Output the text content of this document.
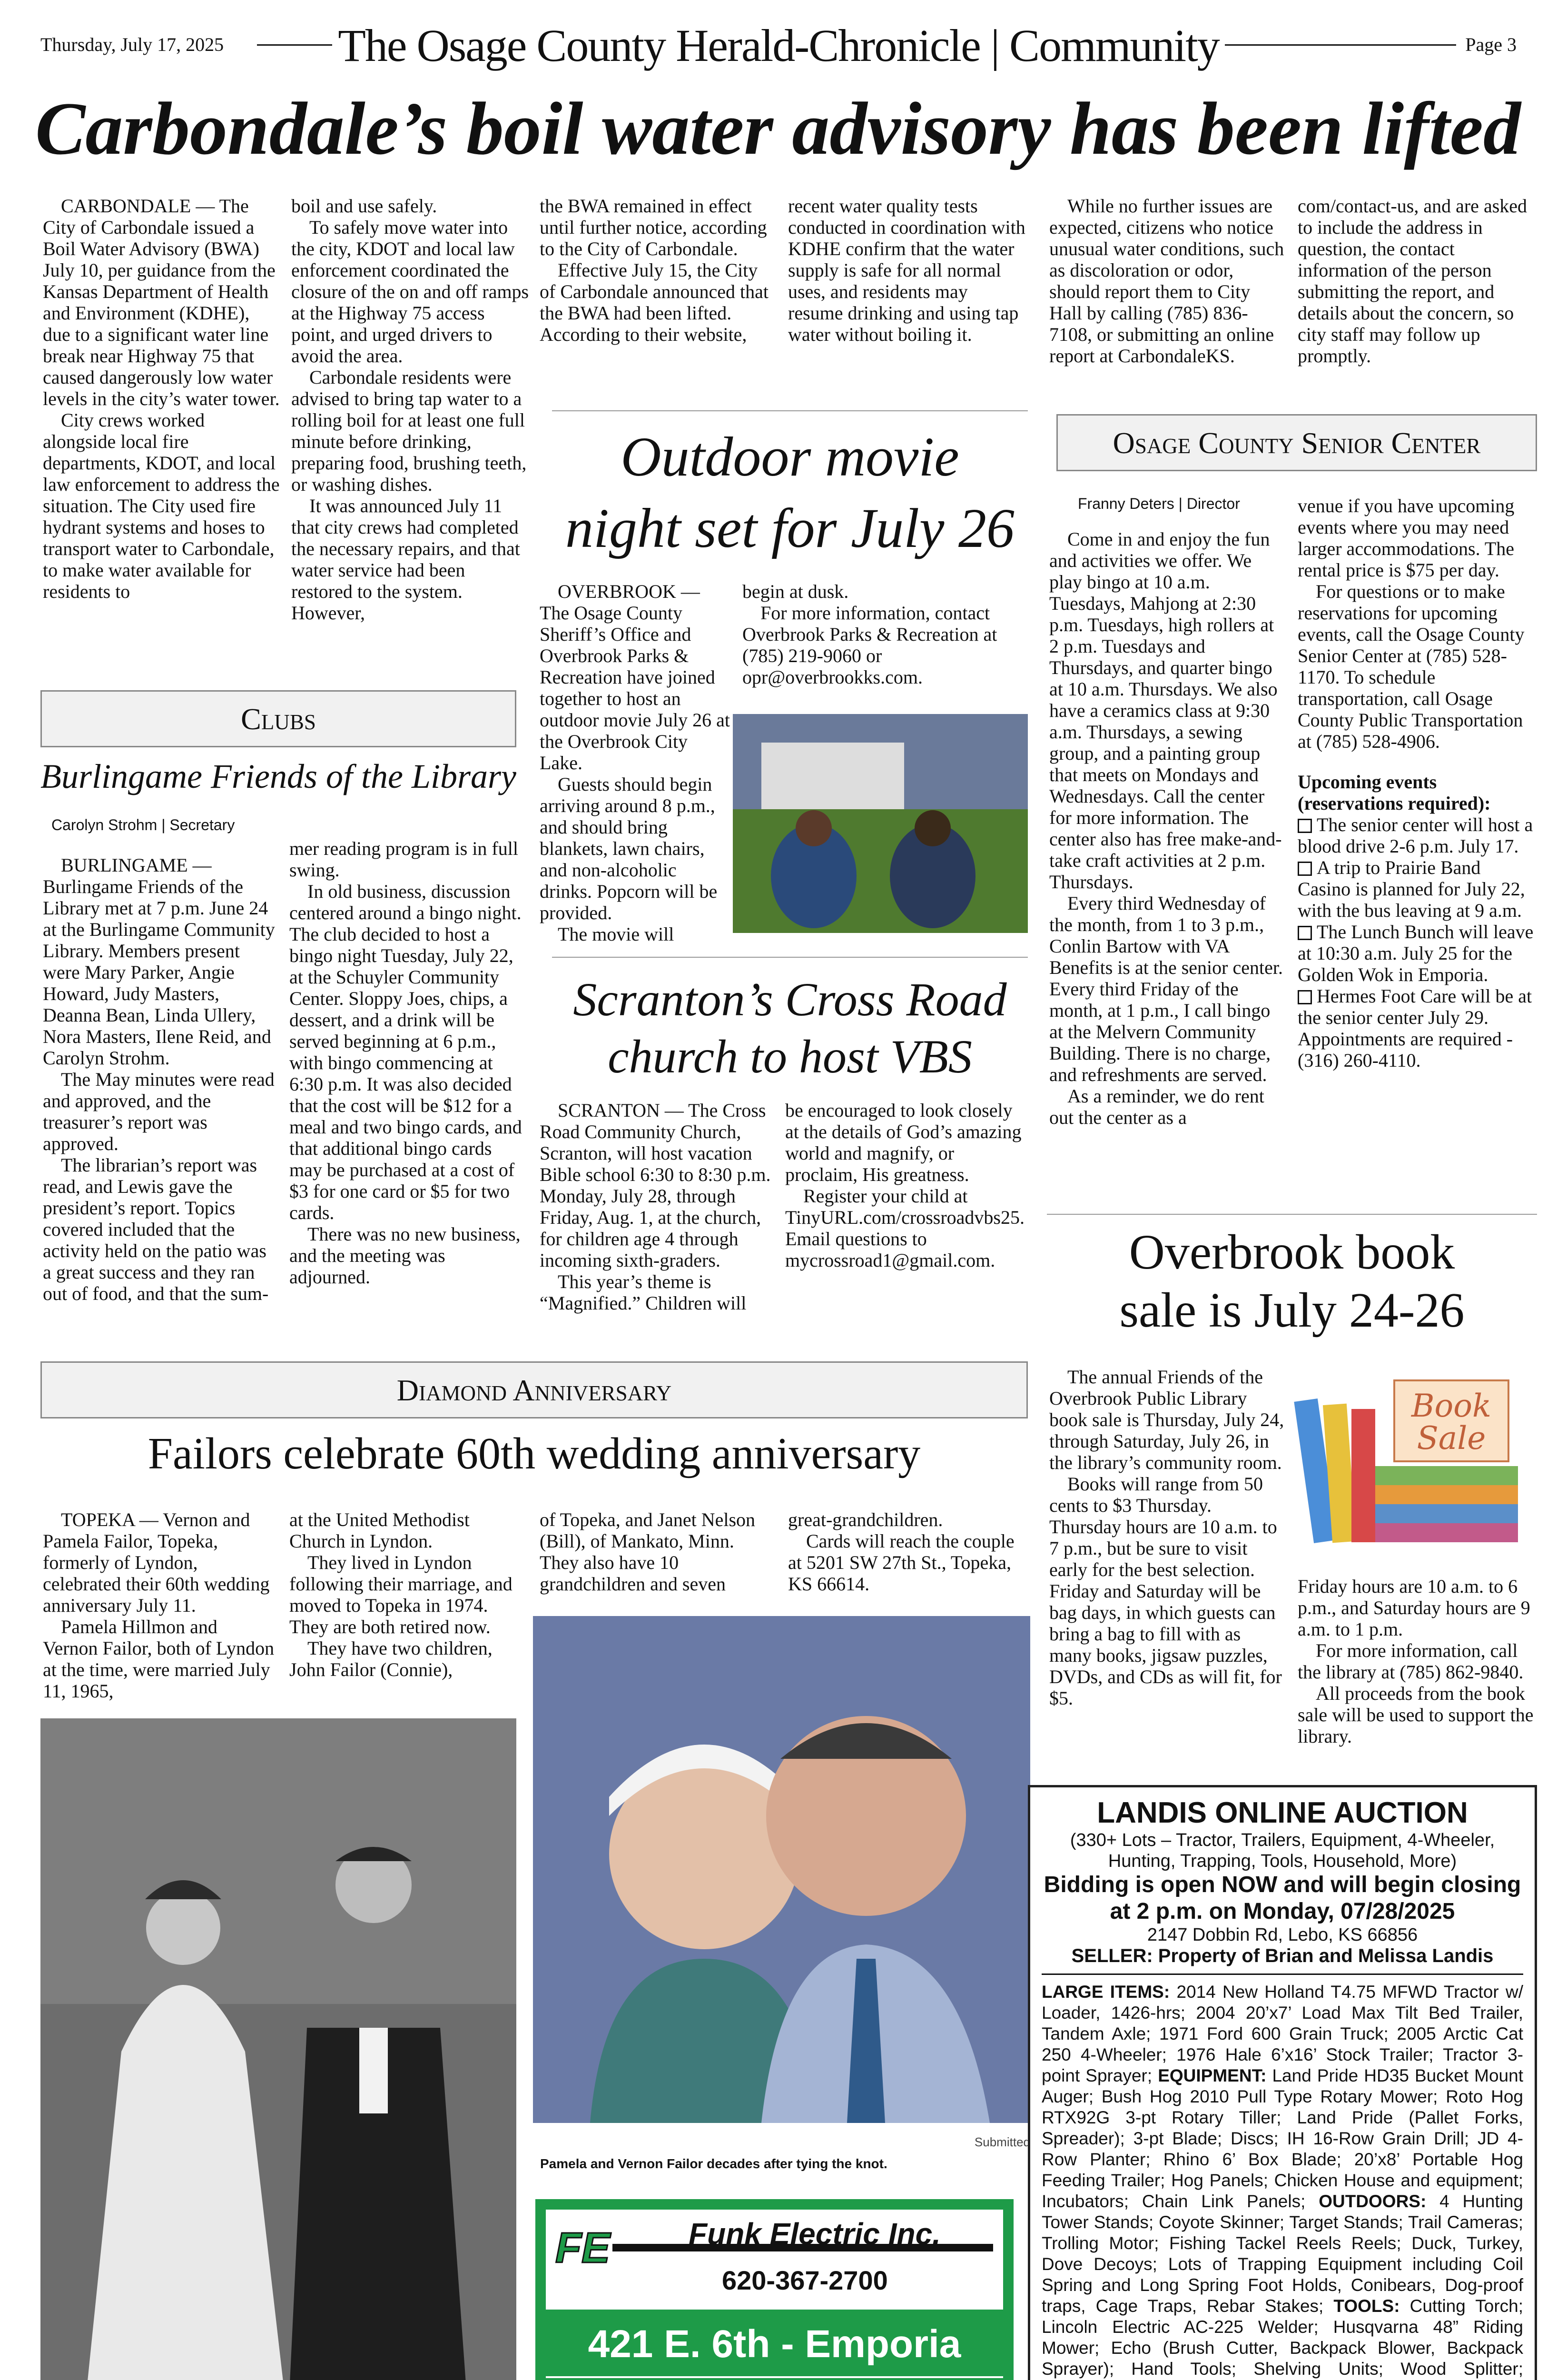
Thursday, July 17, 2025	Page 3
The Osage County Herald-Chronicle | Community
Carbondale’s boil water advisory has been lifted

CARBONDALE — The City of Carbondale issued a Boil Water Advisory (BWA) July 10, per guidance from the Kansas Department of Health and Environment (KDHE), due to a significant water line break near Highway 75 that caused dangerously low water levels in the city’s water tower.

City crews worked alongside local fire departments, KDOT, and local law enforcement to address the situation. The City used fire hydrant systems and hoses to transport water to Carbondale, to make water available for residents to

boil and use safely.

To safely move water into the city, KDOT and local law enforcement coordinated the closure of the on and off ramps at the Highway 75 access point, and urged drivers to avoid the area.

Carbondale residents were advised to bring tap water to a rolling boil for at least one full minute before drinking, preparing food, brushing teeth, or washing dishes.

It was announced July 11 that city crews had completed the necessary repairs, and that water service had been restored to the system. However,

the BWA remained in effect until further notice, according to the City of Carbondale.

Effective July 15, the City of Carbondale announced that the BWA had been lifted. According to their website,

recent water quality tests conducted in coordination with KDHE confirm that the water supply is safe for all normal uses, and residents may resume drinking and using tap water without boiling it.

While no further issues are expected, citizens who notice unusual water conditions, such as discoloration or odor, should report them to City Hall by calling (785) 836-7108, or submitting an online report at CarbondaleKS.

com/contact-us, and are asked to include the address in question, the contact information of the person submitting the report, and details about the concern, so city staff may follow up promptly.

Outdoor movie
night set for July 26

OVERBROOK — The Osage County Sheriff’s Office and Overbrook Parks & Recreation have joined together to host an outdoor movie July 26 at the Overbrook City Lake.

Guests should begin arriving around 8 p.m., and should bring blankets, lawn chairs, and non-alcoholic drinks. Popcorn will be provided.

The movie will

begin at dusk.

For more information, contact Overbrook Parks & Recreation at (785) 219-9060 or opr@overbrookks.com.

Scranton’s Cross Road
church to host VBS

SCRANTON — The Cross Road Community Church, Scranton, will host vacation Bible school 6:30 to 8:30 p.m. Monday, July 28, through Friday, Aug. 1, at the church, for children age 4 through incoming sixth-graders.

This year’s theme is “Magnified.” Children will

be encouraged to look closely at the details of God’s amazing world and magnify, or proclaim, His greatness.

Register your child at TinyURL.com/crossroadvbs25. Email questions to mycrossroad1@gmail.com.

Clubs
Burlingame Friends of the Library
Carolyn Strohm | Secretary

BURLINGAME — Burlingame Friends of the Library met at 7 p.m. June 24 at the Burlingame Community Library. Members present were Mary Parker, Angie Howard, Judy Masters, Deanna Bean, Linda Ullery, Nora Masters, Ilene Reid, and Carolyn Strohm.

The May minutes were read and approved, and the treasurer’s report was approved.

The librarian’s report was read, and Lewis gave the president’s report. Topics covered included that the activity held on the patio was a great success and they ran out of food, and that the sum-

mer reading program is in full swing.

In old business, discussion centered around a bingo night. The club decided to host a bingo night Tuesday, July 22, at the Schuyler Community Center. Sloppy Joes, chips, a dessert, and a drink will be served beginning at 6 p.m., with bingo commencing at 6:30 p.m. It was also decided that the cost will be $12 for a meal and two bingo cards, and that additional bingo cards may be purchased at a cost of $3 for one card or $5 for two cards.

There was no new business, and the meeting was adjourned.

Osage County Senior Center
Franny Deters | Director

Come in and enjoy the fun and activities we offer. We play bingo at 10 a.m. Tuesdays, Mahjong at 2:30 p.m. Tuesdays, high rollers at 2 p.m. Tuesdays and Thursdays, and quarter bingo at 10 a.m. Thursdays. We also have a ceramics class at 9:30 a.m. Thursdays, a sewing group, and a painting group that meets on Mondays and Wednesdays. Call the center for more information. The center also has free make-and-take craft activities at 2 p.m. Thursdays.

Every third Wednesday of the month, from 1 to 3 p.m., Conlin Bartow with VA Benefits is at the senior center. Every third Friday of the month, at 1 p.m., I call bingo at the Melvern Community Building. There is no charge, and refreshments are served.

As a reminder, we do rent out the center as a

venue if you have upcoming events where you may need larger accommodations. The rental price is $75 per day.

For questions or to make reservations for upcoming events, call the Osage County Senior Center at (785) 528-1170. To schedule transportation, call Osage County Public Transportation at (785) 528-4906.

Upcoming events (reservations required):

The senior center will host a blood drive 2-6 p.m. July 17.

A trip to Prairie Band Casino is planned for July 22, with the bus leaving at 9 a.m.

The Lunch Bunch will leave at 10:30 a.m. July 25 for the Golden Wok in Emporia.

Hermes Foot Care will be at the senior center July 29. Appointments are required - (316) 260-4110.

Overbrook book
sale is July 24-26

The annual Friends of the Overbrook Public Library book sale is Thursday, July 24, through Saturday, July 26, in the library’s community room.

Books will range from 50 cents to $3 Thursday. Thursday hours are 10 a.m. to 7 p.m., but be sure to visit early for the best selection. Friday and Saturday will be bag days, in which guests can bring a bag to fill with as many books, jigsaw puzzles, DVDs, and CDs as will fit, for $5.

Book
Sale

Friday hours are 10 a.m. to 6 p.m., and Saturday hours are 9 a.m. to 1 p.m.

For more information, call the library at (785) 862-9840.

All proceeds from the book sale will be used to support the library.

Diamond Anniversary
Failors celebrate 60th wedding anniversary

TOPEKA — Vernon and Pamela Failor, Topeka, formerly of Lyndon, celebrated their 60th wedding anniversary July 11.

Pamela Hillmon and Vernon Failor, both of Lyndon at the time, were married July 11, 1965,

at the United Methodist Church in Lyndon.

They lived in Lyndon following their marriage, and moved to Topeka in 1974. They are both retired now.

They have two children, John Failor (Connie),

of Topeka, and Janet Nelson (Bill), of Mankato, Minn. They also have 10 grandchildren and seven

great-grandchildren.

Cards will reach the couple at 5201 SW 27th St., Topeka, KS 66614.

Submitted
Pamela and Vernon Failor decades after tying the knot.
LANDIS ONLINE AUCTION
(330+ Lots – Tractor, Trailers, Equipment, 4-Wheeler, Hunting, Trapping, Tools, Household, More)
Bidding is open NOW and will begin closing at 2 p.m. on Monday, 07/28/2025
2147 Dobbin Rd, Lebo, KS 66856
SELLER: Property of Brian and Melissa Landis
LARGE ITEMS: 2014 New Holland T4.75 MFWD Tractor w/ Loader, 1426-hrs; 2004 20’x7’ Load Max Tilt Bed Trailer, Tandem Axle; 1971 Ford 600 Grain Truck; 2005 Arctic Cat 250 4-Wheeler; 1976 Hale 6’x16’ Stock Trailer; Tractor 3-point Sprayer; EQUIPMENT: Land Pride HD35 Bucket Mount Auger; Bush Hog 2010 Pull Type Rotary Mower; Roto Hog RTX92G 3-pt Rotary Tiller; Land Pride (Pallet Forks, Spreader); 3-pt Blade; Discs; IH 16-Row Grain Drill; JD 4-Row Planter; Rhino 6’ Box Blade; 20’x8’ Portable Hog Feeding Trailer; Hog Panels; Chicken House and equipment; Incubators; Chain Link Panels; OUTDOORS: 4 Hunting Tower Stands; Coyote Skinner; Target Stands; Trail Cameras; Trolling Motor; Fishing Tackel Reels Reels; Duck, Turkey, Dove Decoys; Lots of Trapping Equipment including Coil Spring and Long Spring Foot Holds, Conibears, Dog-proof traps, Cage Traps, Rebar Stakes; TOOLS: Cutting Torch; Lincoln Electric AC-225 Welder; Husqvarna 48” Riding Mower; Echo (Brush Cutter, Backpack Blower, Backpack Sprayer); Hand Tools; Shelving Units; Wood Splitter;
FE	Funk Electric Inc.
620-367-2700
421 E. 6th - Emporia
